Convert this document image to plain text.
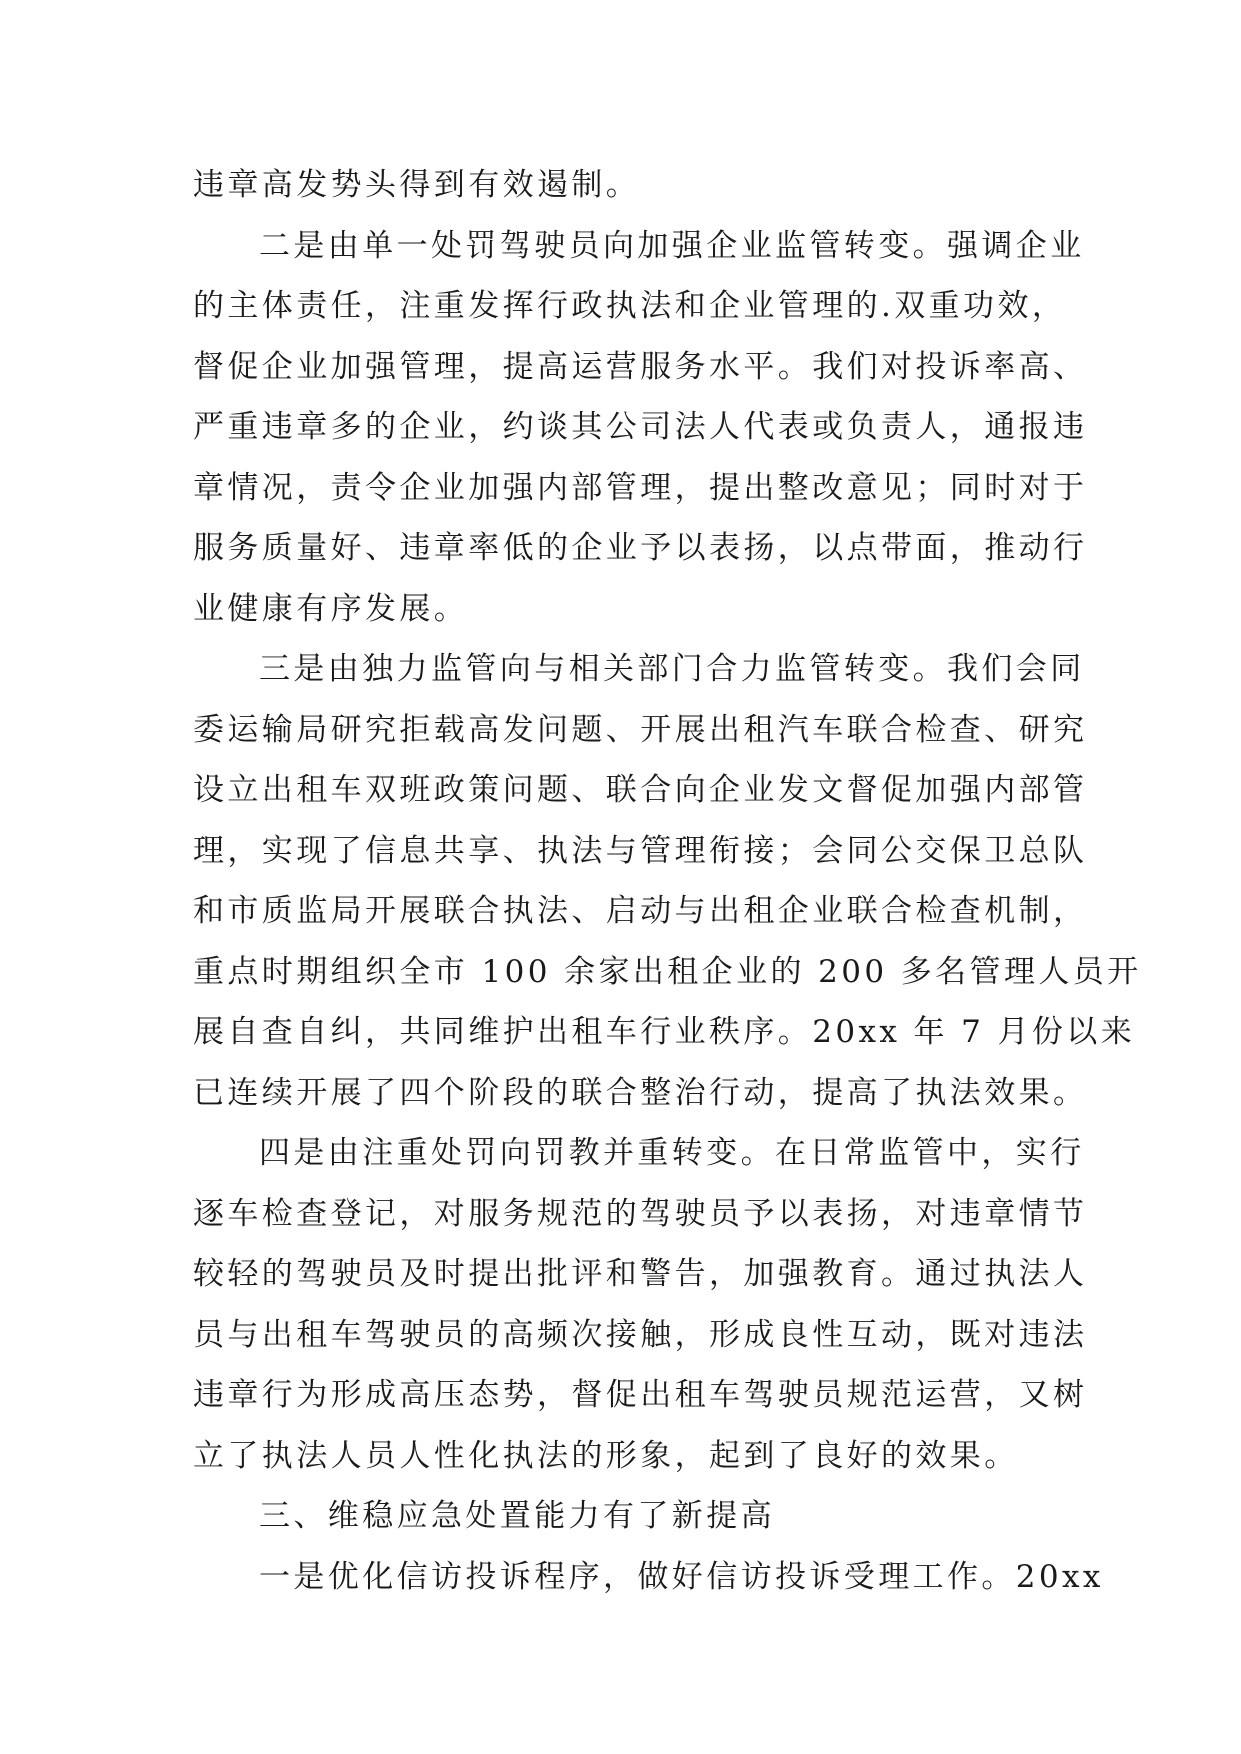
违章高发势头得到有效遏制。
二是由单一处罚驾驶员向加强企业监管转变。强调企业
的主体责任，注重发挥行政执法和企业管理的.双重功效，
督促企业加强管理，提高运营服务水平。我们对投诉率高、
严重违章多的企业，约谈其公司法人代表或负责人，通报违
章情况，责令企业加强内部管理，提出整改意见；同时对于
服务质量好、违章率低的企业予以表扬，以点带面，推动行
业健康有序发展。
三是由独力监管向与相关部门合力监管转变。我们会同
委运输局研究拒载高发问题、开展出租汽车联合检查、研究
设立出租车双班政策问题、联合向企业发文督促加强内部管
理，实现了信息共享、执法与管理衔接；会同公交保卫总队
和市质监局开展联合执法、启动与出租企业联合检查机制，
重点时期组织全市 100 余家出租企业的 200 多名管理人员开
展自查自纠，共同维护出租车行业秩序。20xx 年 7 月份以来
已连续开展了四个阶段的联合整治行动，提高了执法效果。
四是由注重处罚向罚教并重转变。在日常监管中，实行
逐车检查登记，对服务规范的驾驶员予以表扬，对违章情节
较轻的驾驶员及时提出批评和警告，加强教育。通过执法人
员与出租车驾驶员的高频次接触，形成良性互动，既对违法
违章行为形成高压态势，督促出租车驾驶员规范运营，又树
立了执法人员人性化执法的形象，起到了良好的效果。
三、维稳应急处置能力有了新提高
一是优化信访投诉程序，做好信访投诉受理工作。20xx
